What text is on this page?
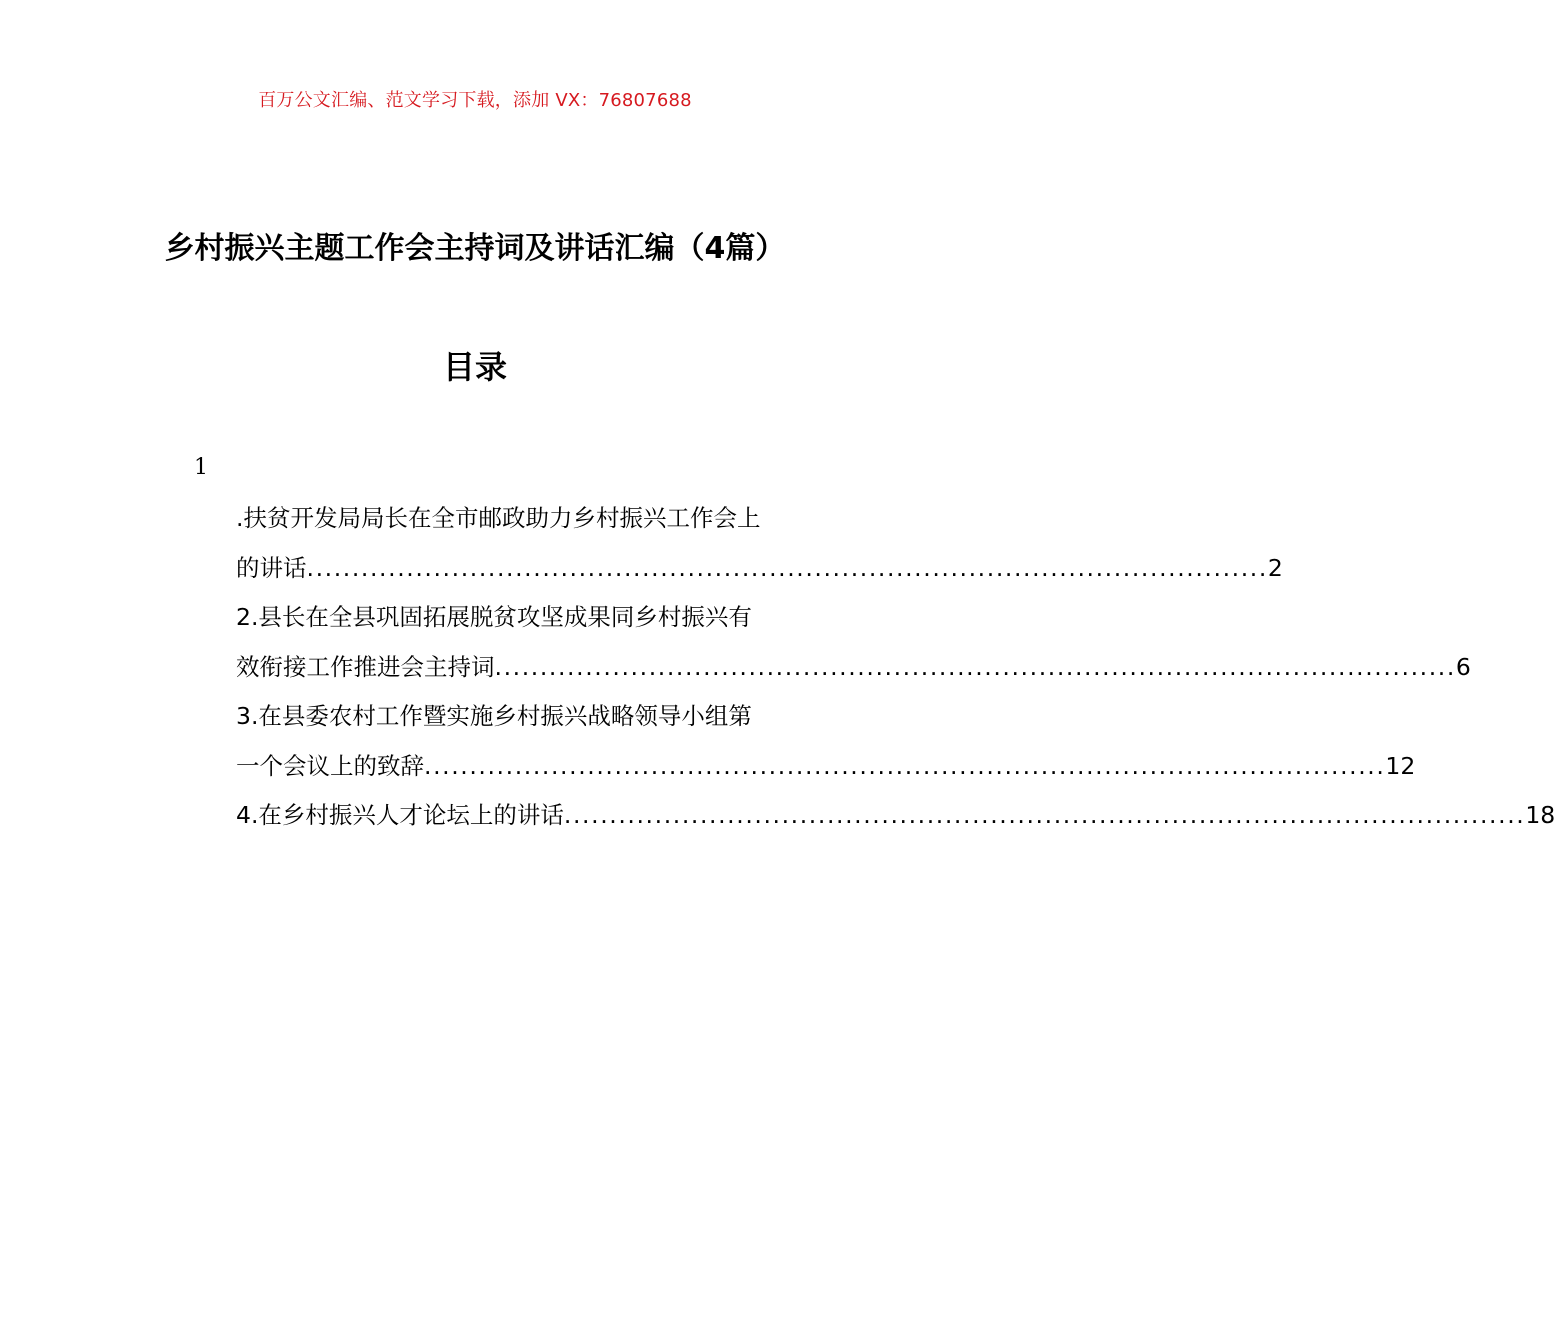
百万公文汇编、范文学习下载，添加 VX：76807688
乡村振兴主题工作会主持词及讲话汇编（4篇）
目录
1
.扶贫开发局局长在全市邮政助力乡村振兴工作会上
的讲话 .......................................................................................................... 2
2.县长在全县巩固拓展脱贫攻坚成果同乡村振兴有
效衔接工作推进会主持词 .......................................................................................................... 6
3.在县委农村工作暨实施乡村振兴战略领导小组第
一个会议上的致辞 .......................................................................................................... 12
4.在乡村振兴人才论坛上的讲话 .......................................................................................................... 18
